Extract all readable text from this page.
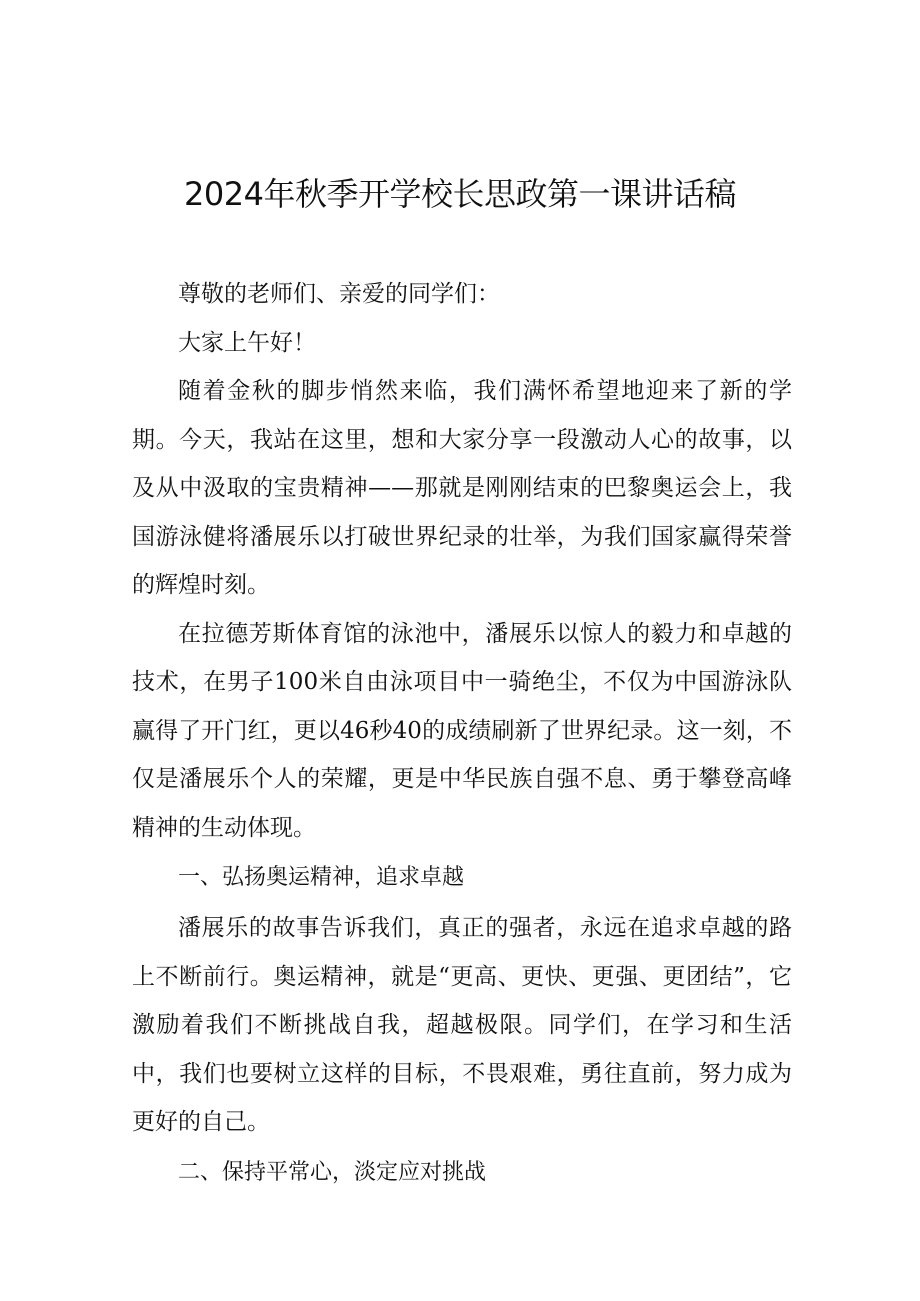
2024年秋季开学校长思政第一课讲话稿

尊敬的老师们、亲爱的同学们：

大家上午好！

随着金秋的脚步悄然来临，我们满怀希望地迎来了新的学期。今天，我站在这里，想和大家分享一段激动人心的故事，以及从中汲取的宝贵精神——那就是刚刚结束的巴黎奥运会上，我国游泳健将潘展乐以打破世界纪录的壮举，为我们国家赢得荣誉的辉煌时刻。

在拉德芳斯体育馆的泳池中，潘展乐以惊人的毅力和卓越的技术，在男子100米自由泳项目中一骑绝尘，不仅为中国游泳队赢得了开门红，更以46秒40的成绩刷新了世界纪录。这一刻，不仅是潘展乐个人的荣耀，更是中华民族自强不息、勇于攀登高峰精神的生动体现。

一、弘扬奥运精神，追求卓越

潘展乐的故事告诉我们，真正的强者，永远在追求卓越的路上不断前行。奥运精神，就是“更高、更快、更强、更团结”，它激励着我们不断挑战自我，超越极限。同学们，在学习和生活中，我们也要树立这样的目标，不畏艰难，勇往直前，努力成为更好的自己。

二、保持平常心，淡定应对挑战
